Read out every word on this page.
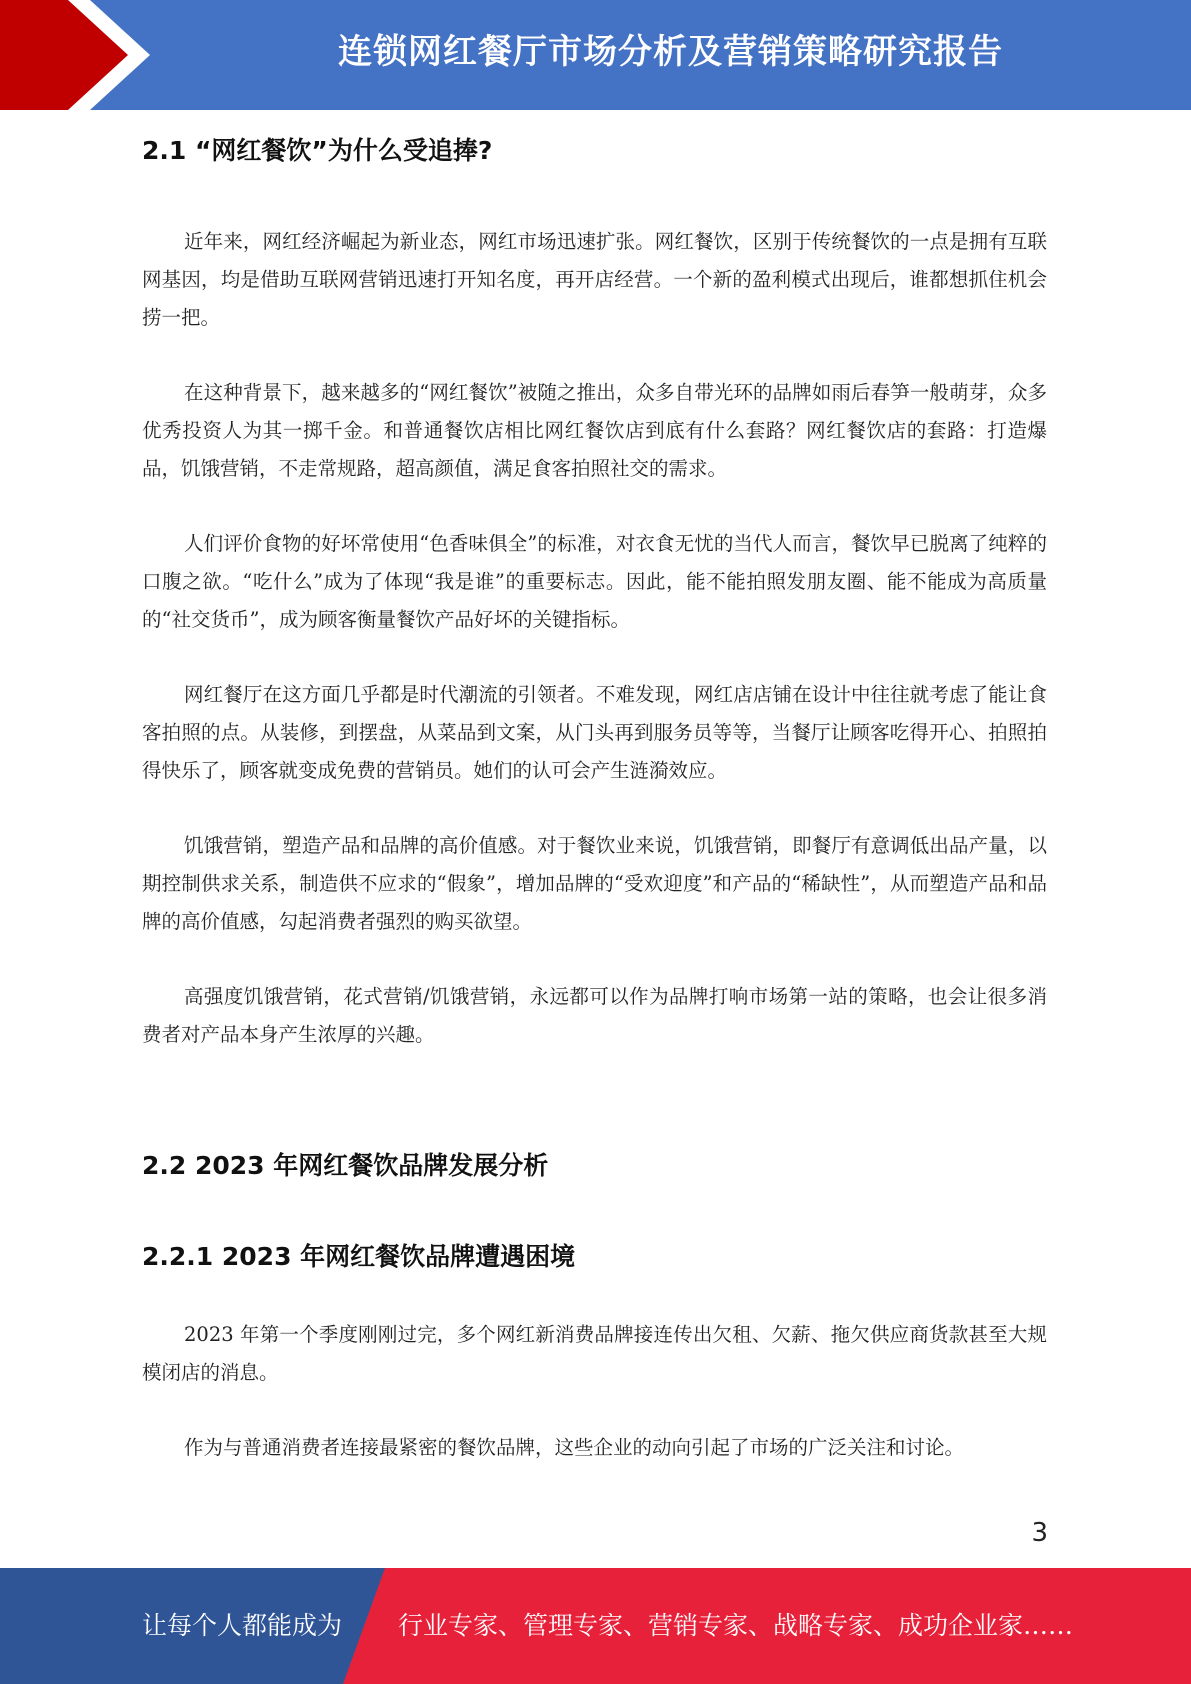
连锁网红餐厅市场分析及营销策略研究报告
2.1 “网红餐饮”为什么受追捧?

近年来，网红经济崛起为新业态，网红市场迅速扩张。网红餐饮，区别于传统餐饮的一点是拥有互联网基因，均是借助互联网营销迅速打开知名度，再开店经营。一个新的盈利模式出现后，谁都想抓住机会捞一把。

在这种背景下，越来越多的“网红餐饮”被随之推出，众多自带光环的品牌如雨后春笋一般萌芽，众多优秀投资人为其一掷千金。和普通餐饮店相比网红餐饮店到底有什么套路？网红餐饮店的套路：打造爆品，饥饿营销，不走常规路，超高颜值，满足食客拍照社交的需求。

人们评价食物的好坏常使用“色香味俱全”的标准，对衣食无忧的当代人而言，餐饮早已脱离了纯粹的口腹之欲。“吃什么”成为了体现“我是谁”的重要标志。因此，能不能拍照发朋友圈、能不能成为高质量的“社交货币”，成为顾客衡量餐饮产品好坏的关键指标。

网红餐厅在这方面几乎都是时代潮流的引领者。不难发现，网红店店铺在设计中往往就考虑了能让食客拍照的点。从装修，到摆盘，从菜品到文案，从门头再到服务员等等，当餐厅让顾客吃得开心、拍照拍得快乐了，顾客就变成免费的营销员。她们的认可会产生涟漪效应。

饥饿营销，塑造产品和品牌的高价值感。对于餐饮业来说，饥饿营销，即餐厅有意调低出品产量，以期控制供求关系，制造供不应求的“假象”，增加品牌的“受欢迎度”和产品的“稀缺性”，从而塑造产品和品牌的高价值感，勾起消费者强烈的购买欲望。

高强度饥饿营销，花式营销/饥饿营销，永远都可以作为品牌打响市场第一站的策略，也会让很多消费者对产品本身产生浓厚的兴趣。

2.2 2023 年网红餐饮品牌发展分析
2.2.1 2023 年网红餐饮品牌遭遇困境

2023 年第一个季度刚刚过完，多个网红新消费品牌接连传出欠租、欠薪、拖欠供应商货款甚至大规模闭店的消息。

作为与普通消费者连接最紧密的餐饮品牌，这些企业的动向引起了市场的广泛关注和讨论。

3
让每个人都能成为 行业专家、管理专家、营销专家、战略专家、成功企业家……
